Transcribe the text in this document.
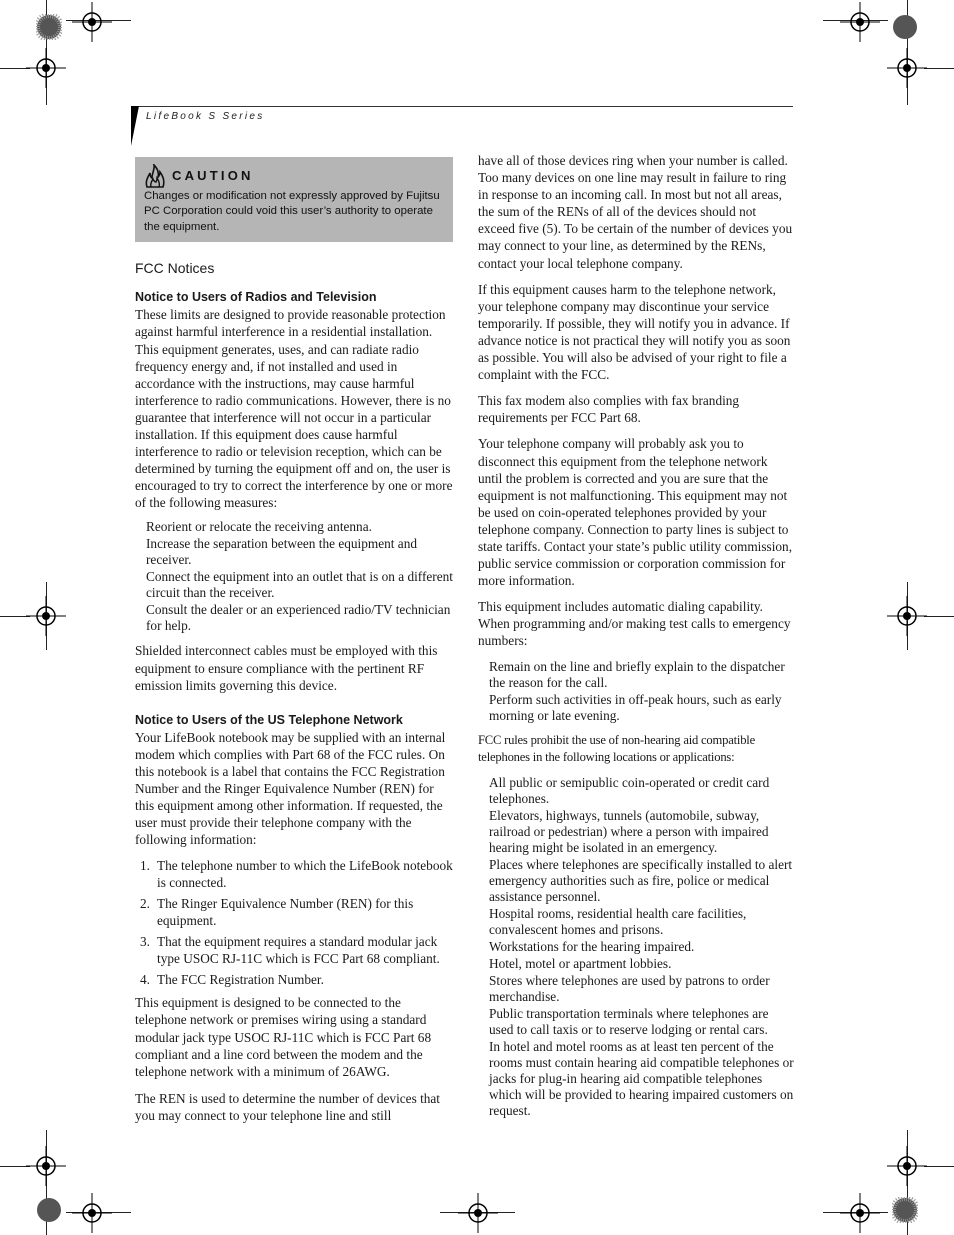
LifeBook S Series
CAUTION
Changes or modification not expressly approved by Fujitsu PC Corporation could void this user’s authority to operate the equipment.
FCC Notices
Notice to Users of Radios and Television

These limits are designed to provide reasonable protection against harmful interference in a residential installation. This equipment generates, uses, and can radiate radio frequency energy and, if not installed and used in accordance with the instructions, may cause harmful interference to radio communications. However, there is no guarantee that interference will not occur in a particular installation. If this equipment does cause harmful interference to radio or television reception, which can be determined by turning the equipment off and on, the user is encouraged to try to correct the interference by one or more of the following measures:

Reorient or relocate the receiving antenna.
Increase the separation between the equipment and receiver.
Connect the equipment into an outlet that is on a different circuit than the receiver.
Consult the dealer or an experienced radio/TV technician for help.

Shielded interconnect cables must be employed with this equipment to ensure compliance with the pertinent RF emission limits governing this device.

Notice to Users of the US Telephone Network

Your LifeBook notebook may be supplied with an internal modem which complies with Part 68 of the FCC rules. On this notebook is a label that contains the FCC Registration Number and the Ringer Equivalence Number (REN) for this equipment among other information. If requested, the user must provide their telephone company with the following information:

1. The telephone number to which the LifeBook notebook is connected.
2. The Ringer Equivalence Number (REN) for this equipment.
3. That the equipment requires a standard modular jack type USOC RJ-11C which is FCC Part 68 compliant.
4. The FCC Registration Number.

This equipment is designed to be connected to the telephone network or premises wiring using a standard modular jack type USOC RJ-11C which is FCC Part 68 compliant and a line cord between the modem and the telephone network with a minimum of 26AWG.

The REN is used to determine the number of devices that you may connect to your telephone line and still

have all of those devices ring when your number is called. Too many devices on one line may result in failure to ring in response to an incoming call. In most but not all areas, the sum of the RENs of all of the devices should not exceed five (5). To be certain of the number of devices you may connect to your line, as determined by the RENs, contact your local telephone company.

If this equipment causes harm to the telephone network, your telephone company may discontinue your service temporarily. If possible, they will notify you in advance. If advance notice is not practical they will notify you as soon as possible. You will also be advised of your right to file a complaint with the FCC.

This fax modem also complies with fax branding requirements per FCC Part 68.

Your telephone company will probably ask you to disconnect this equipment from the telephone network until the problem is corrected and you are sure that the equipment is not malfunctioning. This equipment may not be used on coin-operated telephones provided by your telephone company. Connection to party lines is subject to state tariffs. Contact your state’s public utility commission, public service commission or corporation commission for more information.

This equipment includes automatic dialing capability. When programming and/or making test calls to emergency numbers:

Remain on the line and briefly explain to the dispatcher the reason for the call.
Perform such activities in off-peak hours, such as early morning or late evening.

FCC rules prohibit the use of non-hearing aid compatible telephones in the following locations or applications:

All public or semipublic coin-operated or credit card telephones.
Elevators, highways, tunnels (automobile, subway, railroad or pedestrian) where a person with impaired hearing might be isolated in an emergency.
Places where telephones are specifically installed to alert emergency authorities such as fire, police or medical assistance personnel.
Hospital rooms, residential health care facilities, convalescent homes and prisons.
Workstations for the hearing impaired.
Hotel, motel or apartment lobbies.
Stores where telephones are used by patrons to order merchandise.
Public transportation terminals where telephones are used to call taxis or to reserve lodging or rental cars.
In hotel and motel rooms as at least ten percent of the rooms must contain hearing aid compatible telephones or jacks for plug-in hearing aid compatible telephones which will be provided to hearing impaired customers on request.
